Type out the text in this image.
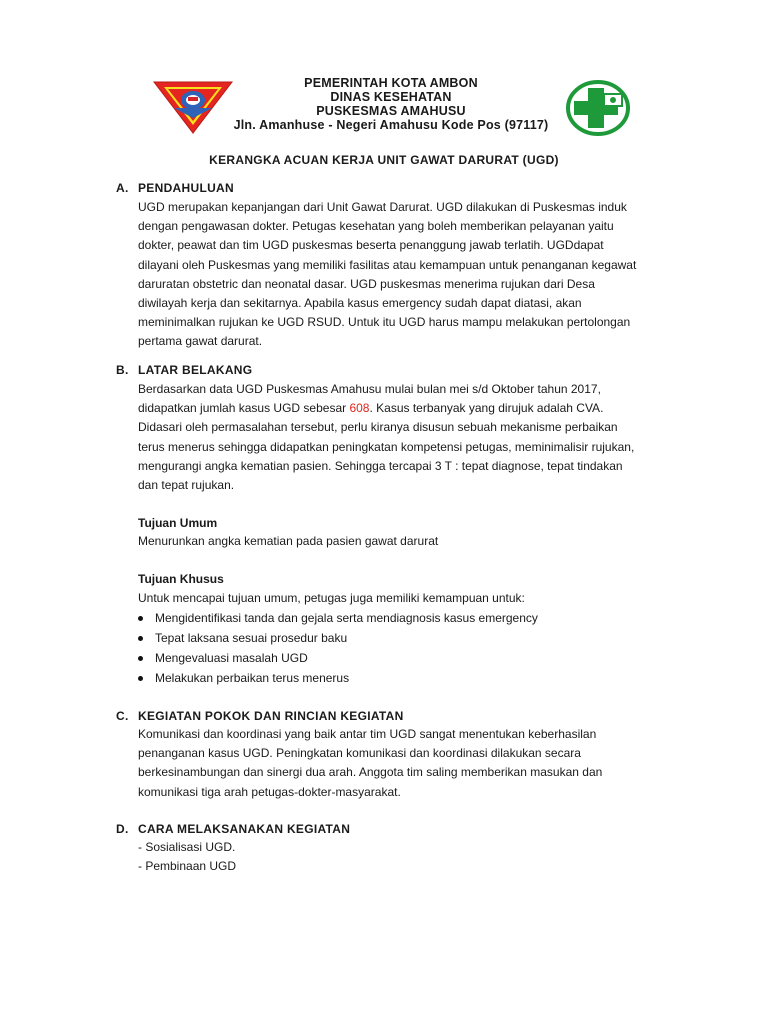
PEMERINTAH KOTA AMBON
DINAS KESEHATAN
PUSKESMAS AMAHUSU
Jln. Amanhuse - Negeri Amahusu Kode Pos (97117)
KERANGKA ACUAN KERJA UNIT GAWAT DARURAT (UGD)
A. PENDAHULUAN
UGD merupakan kepanjangan dari Unit Gawat Darurat. UGD dilakukan di Puskesmas induk
dengan pengawasan dokter. Petugas kesehatan yang boleh memberikan pelayanan yaitu
dokter, peawat dan tim UGD puskesmas beserta penanggung jawab terlatih. UGDdapat
dilayani oleh Puskesmas yang memiliki fasilitas atau kemampuan untuk penanganan kegawat
daruratan obstetric dan neonatal dasar. UGD puskesmas menerima rujukan dari Desa
diwilayah kerja dan sekitarnya. Apabila kasus emergency sudah dapat diatasi, akan
meminimalkan rujukan ke UGD RSUD. Untuk itu UGD harus mampu melakukan pertolongan
pertama gawat darurat.
B. LATAR BELAKANG
Berdasarkan data UGD Puskesmas Amahusu mulai bulan mei s/d Oktober tahun 2017,
didapatkan jumlah kasus UGD sebesar 608. Kasus terbanyak yang dirujuk adalah CVA.
Didasari oleh permasalahan tersebut, perlu kiranya disusun sebuah mekanisme perbaikan
terus menerus sehingga didapatkan peningkatan kompetensi petugas, meminimalisir rujukan,
mengurangi angka kematian pasien. Sehingga tercapai 3 T : tepat diagnose, tepat tindakan
dan tepat rujukan.
Tujuan Umum
Menurunkan angka kematian pada pasien gawat darurat
Tujuan Khusus
Untuk mencapai tujuan umum, petugas juga memiliki kemampuan untuk:
Mengidentifikasi tanda dan gejala serta mendiagnosis kasus emergency
Tepat laksana sesuai prosedur baku
Mengevaluasi masalah UGD
Melakukan perbaikan terus menerus
C. KEGIATAN POKOK DAN RINCIAN KEGIATAN
Komunikasi dan koordinasi yang baik antar tim UGD sangat menentukan keberhasilan
penanganan kasus UGD. Peningkatan komunikasi dan koordinasi dilakukan secara
berkesinambungan dan sinergi dua arah. Anggota tim saling memberikan masukan dan
komunikasi tiga arah petugas-dokter-masyarakat.
D. CARA MELAKSANAKAN KEGIATAN
- Sosialisasi UGD.
- Pembinaan UGD
